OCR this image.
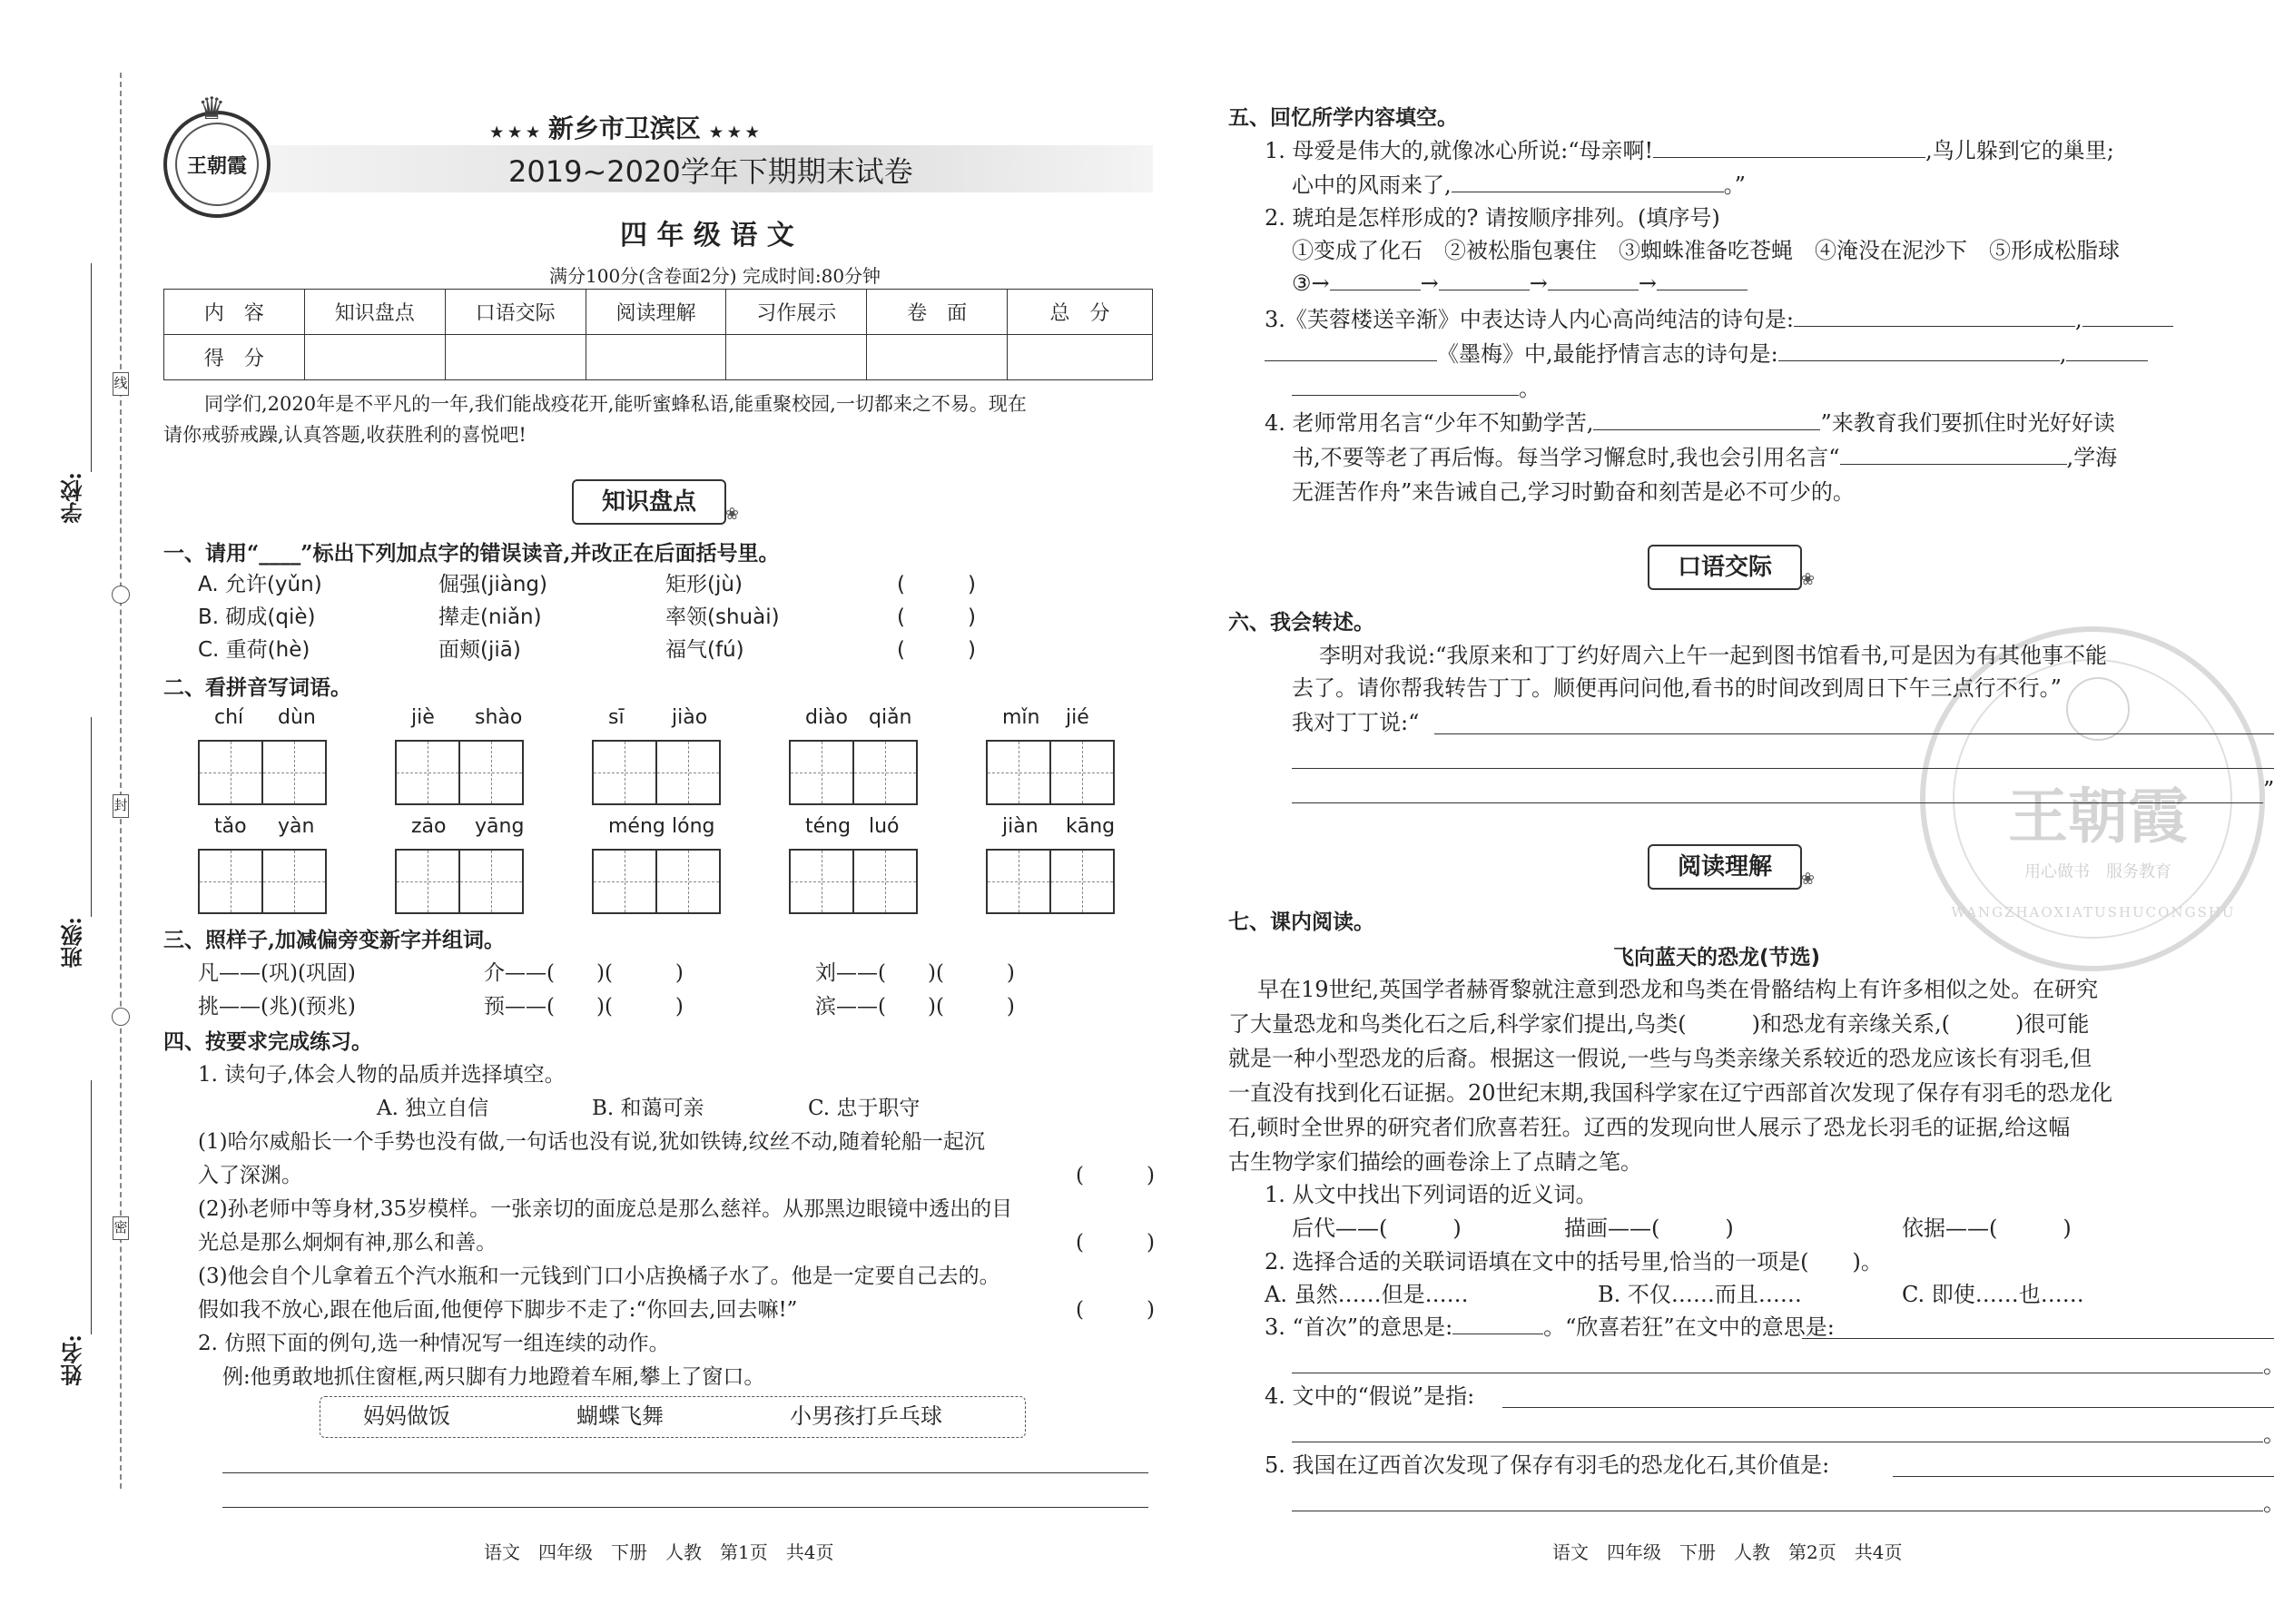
学校:
班级:
姓名:
线
封
密
王朝霞
♛
★ ★ ★ 新乡市卫滨区 ★ ★ ★
2019~2020学年下期期末试卷
四 年 级 语 文
满分100分(含卷面2分) 完成时间:80分钟
内　容	知识盘点	口语交际	阅读理解	习作展示	卷　面	总　分
得　分						
同学们,2020年是不平凡的一年,我们能战疫花开,能听蜜蜂私语,能重聚校园,一切都来之不易。现在
请你戒骄戒躁,认真答题,收获胜利的喜悦吧!
知识盘点 ❀
一、请用“____”标出下列加点字的错误读音,并改正在后面括号里。
A. 允许(yǔn)	倔强(jiàng)	矩形(jù)	(　　　)
B. 砌成(qiè)	撵走(niǎn)	率领(shuài)	(　　　)
C. 重荷(hè)	面颊(jiā)	福气(fú)	(　　　)
二、看拼音写词语。
chí dùn	jiè shào	sī jiào	diào qiǎn	mǐn jié
tǎo yàn	zāo yāng	méng lóng	téng luó	jiàn kāng
三、照样子,加减偏旁变新字并组词。
凡——(巩)(巩固)	介——(　　)(　　　)	刘——(　　)(　　　)
挑——(兆)(预兆)	预——(　　)(　　　)	滨——(　　)(　　　)
四、按要求完成练习。
1. 读句子,体会人物的品质并选择填空。
A. 独立自信	B. 和蔼可亲	C. 忠于职守
(1)哈尔威船长一个手势也没有做,一句话也没有说,犹如铁铸,纹丝不动,随着轮船一起沉
入了深渊。	(　　　)
(2)孙老师中等身材,35岁模样。一张亲切的面庞总是那么慈祥。从那黑边眼镜中透出的目
光总是那么炯炯有神,那么和善。	(　　　)
(3)他会自个儿拿着五个汽水瓶和一元钱到门口小店换橘子水了。他是一定要自己去的。
假如我不放心,跟在他后面,他便停下脚步不走了:“你回去,回去嘛!”	(　　　)
2. 仿照下面的例句,选一种情况写一组连续的动作。
例:他勇敢地抓住窗框,两只脚有力地蹬着车厢,攀上了窗口。
妈妈做饭	蝴蝶飞舞	小男孩打乒乓球
语文　四年级　下册　人教　第1页　共4页
WANGZHAOXIATUSHUCONGSHU
王朝霞
用心做书　服务教育
五、回忆所学内容填空。
1. 母爱是伟大的,就像冰心所说:“母亲啊!	,鸟儿躲到它的巢里;
心中的风雨来了,	。”
2. 琥珀是怎样形成的? 请按顺序排列。(填序号)
①变成了化石　②被松脂包裹住　③蜘蛛准备吃苍蝇　④淹没在泥沙下　⑤形成松脂球
③→	→	→	→
3.《芙蓉楼送辛渐》中表达诗人内心高尚纯洁的诗句是:	,
《墨梅》中,最能抒情言志的诗句是:	,
。
4. 老师常用名言“少年不知勤学苦,	”来教育我们要抓住时光好好读
书,不要等老了再后悔。每当学习懈怠时,我也会引用名言“	,学海
无涯苦作舟”来告诫自己,学习时勤奋和刻苦是必不可少的。
口语交际 ❀
六、我会转述。
李明对我说:“我原来和丁丁约好周六上午一起到图书馆看书,可是因为有其他事不能
去了。请你帮我转告丁丁。顺便再问问他,看书的时间改到周日下午三点行不行。”
我对丁丁说:“
”
阅读理解 ❀
七、课内阅读。
飞向蓝天的恐龙(节选)
早在19世纪,英国学者赫胥黎就注意到恐龙和鸟类在骨骼结构上有许多相似之处。在研究
了大量恐龙和鸟类化石之后,科学家们提出,鸟类(　　　)和恐龙有亲缘关系,(　　　)很可能
就是一种小型恐龙的后裔。根据这一假说,一些与鸟类亲缘关系较近的恐龙应该长有羽毛,但
一直没有找到化石证据。20世纪末期,我国科学家在辽宁西部首次发现了保存有羽毛的恐龙化
石,顿时全世界的研究者们欣喜若狂。辽西的发现向世人展示了恐龙长羽毛的证据,给这幅
古生物学家们描绘的画卷涂上了点睛之笔。
1. 从文中找出下列词语的近义词。
后代——(　　　)	描画——(　　　)	依据——(　　　)
2. 选择合适的关联词语填在文中的括号里,恰当的一项是(　　)。
A. 虽然……但是……	B. 不仅……而且……	C. 即使……也……
3. “首次”的意思是:	。“欣喜若狂”在文中的意思是:
。
4. 文中的“假说”是指:
。
5. 我国在辽西首次发现了保存有羽毛的恐龙化石,其价值是:
。
语文　四年级　下册　人教　第2页　共4页
